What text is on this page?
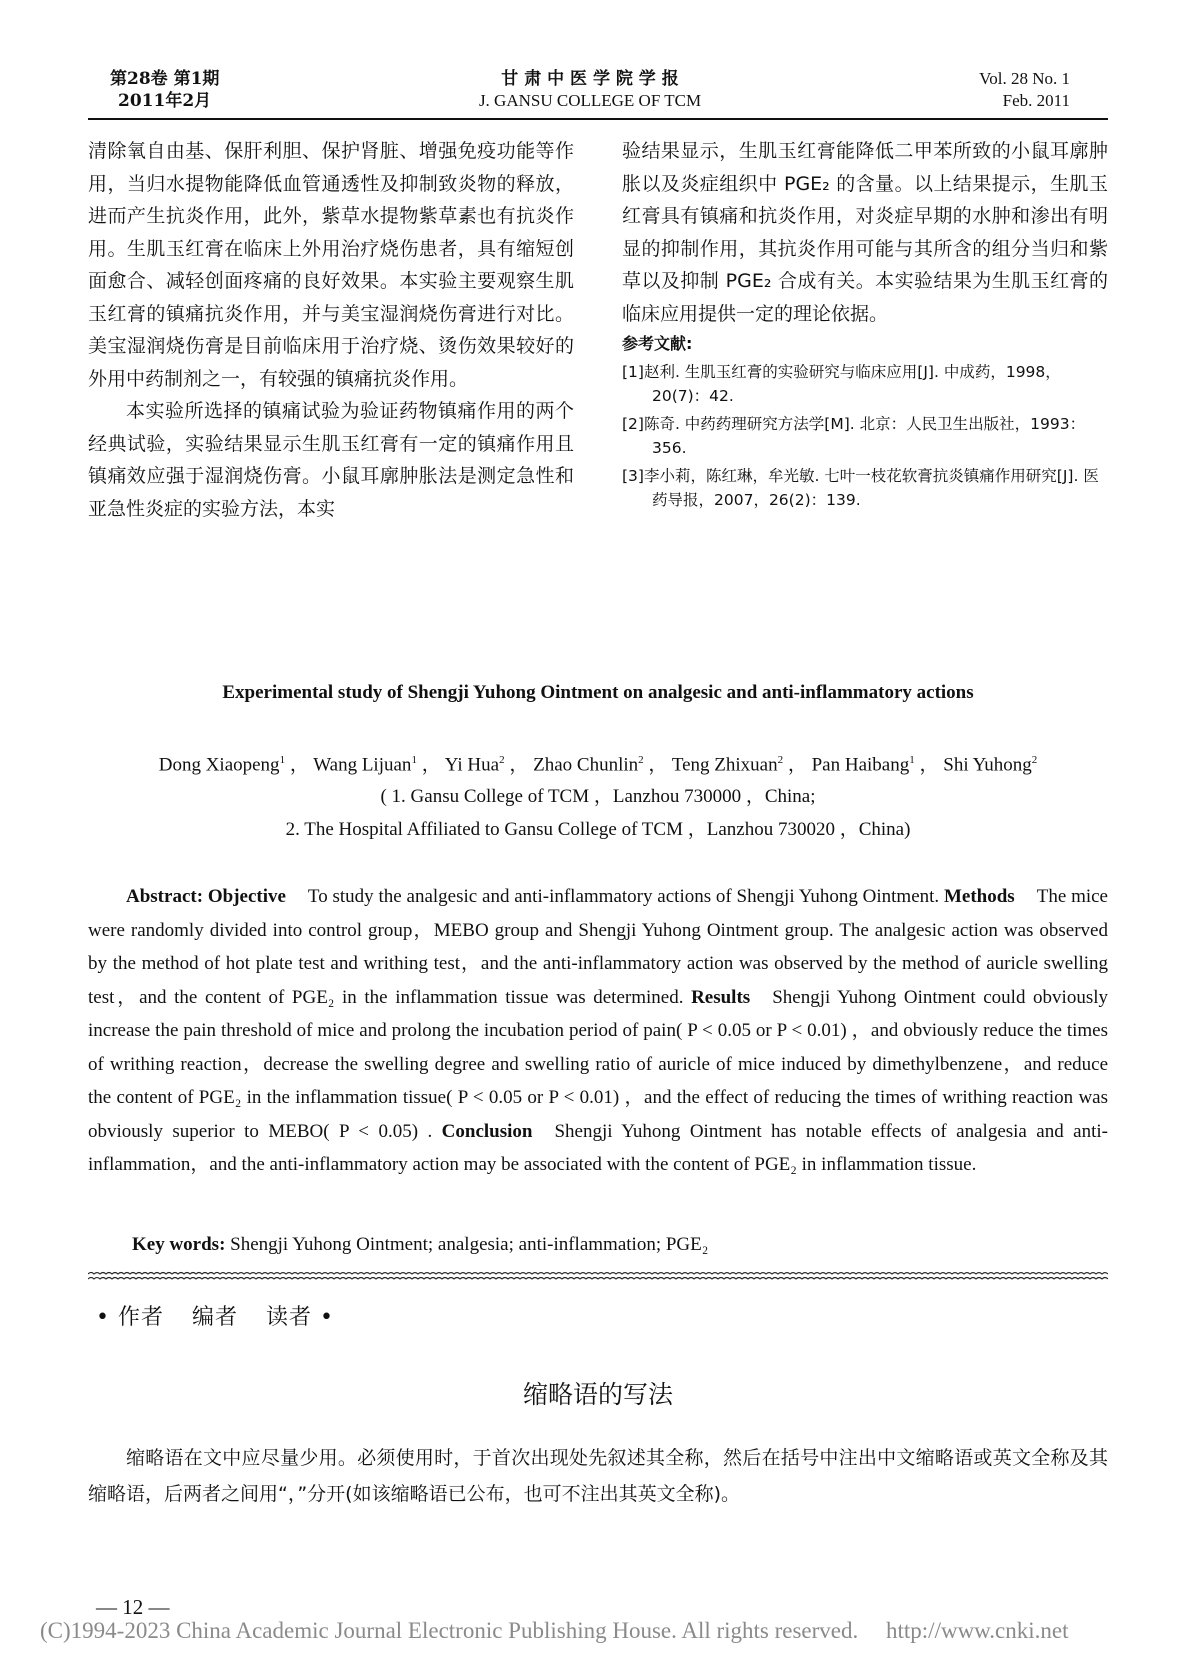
第28卷 第1期
2011年2月
甘 肃 中 医 学 院 学 报
J. GANSU COLLEGE OF TCM
Vol. 28 No. 1
Feb. 2011

清除氧自由基、保肝利胆、保护肾脏、增强免疫功能等作用，当归水提物能降低血管通透性及抑制致炎物的释放，进而产生抗炎作用，此外，紫草水提物紫草素也有抗炎作用。生肌玉红膏在临床上外用治疗烧伤患者，具有缩短创面愈合、减轻创面疼痛的良好效果。本实验主要观察生肌玉红膏的镇痛抗炎作用，并与美宝湿润烧伤膏进行对比。美宝湿润烧伤膏是目前临床用于治疗烧、烫伤效果较好的外用中药制剂之一，有较强的镇痛抗炎作用。

本实验所选择的镇痛试验为验证药物镇痛作用的两个经典试验，实验结果显示生肌玉红膏有一定的镇痛作用且镇痛效应强于湿润烧伤膏。小鼠耳廓肿胀法是测定急性和亚急性炎症的实验方法，本实

验结果显示，生肌玉红膏能降低二甲苯所致的小鼠耳廓肿胀以及炎症组织中 PGE₂ 的含量。以上结果提示，生肌玉红膏具有镇痛和抗炎作用，对炎症早期的水肿和渗出有明显的抑制作用，其抗炎作用可能与其所含的组分当归和紫草以及抑制 PGE₂ 合成有关。本实验结果为生肌玉红膏的临床应用提供一定的理论依据。

参考文献:
[1]赵利. 生肌玉红膏的实验研究与临床应用[J]. 中成药，1998，20(7)：42.
[2]陈奇. 中药药理研究方法学[M]. 北京：人民卫生出版社，1993：356.
[3]李小莉，陈红琳，牟光敏. 七叶一枝花软膏抗炎镇痛作用研究[J]. 医药导报，2007，26(2)：139.
Experimental study of Shengji Yuhong Ointment on analgesic and anti-inflammatory actions
Dong Xiaopeng$^1$ ， Wang Lijuan$^1$ ， Yi Hua$^2$ ， Zhao Chunlin$^2$ ， Teng Zhixuan$^2$ ， Pan Haibang$^1$ ， Shi Yuhong$^2$
( 1. Gansu College of TCM ，Lanzhou 730000 ，China;
2. The Hospital Affiliated to Gansu College of TCM ，Lanzhou 730020 ，China)

Abstract: Objective To study the analgesic and anti-inflammatory actions of Shengji Yuhong Ointment. Methods The mice were randomly divided into control group，MEBO group and Shengji Yuhong Ointment group. The analgesic action was observed by the method of hot plate test and writhing test，and the anti-inflammatory action was observed by the method of auricle swelling test，and the content of PGE₂ in the inflammation tissue was determined. Results Shengji Yuhong Ointment could obviously increase the pain threshold of mice and prolong the incubation period of pain( P < 0.05 or P < 0.01) ，and obviously reduce the times of writhing reaction，decrease the swelling degree and swelling ratio of auricle of mice induced by dimethylbenzene，and reduce the content of PGE₂ in the inflammation tissue( P < 0.05 or P < 0.01) ，and the effect of reducing the times of writhing reaction was obviously superior to MEBO( P < 0.05) . Conclusion Shengji Yuhong Ointment has notable effects of analgesia and anti-inflammation，and the anti-inflammatory action may be associated with the content of PGE₂ in inflammation tissue.

Key words: Shengji Yuhong Ointment; analgesia; anti-inflammation; PGE₂
• 作者 编者 读者 •
缩略语的写法

缩略语在文中应尽量少用。必须使用时，于首次出现处先叙述其全称，然后在括号中注出中文缩略语或英文全称及其缩略语，后两者之间用“，”分开(如该缩略语已公布，也可不注出其英文全称)。

— 12 —
(C)1994-2023 China Academic Journal Electronic Publishing House. All rights reserved. http://www.cnki.net
